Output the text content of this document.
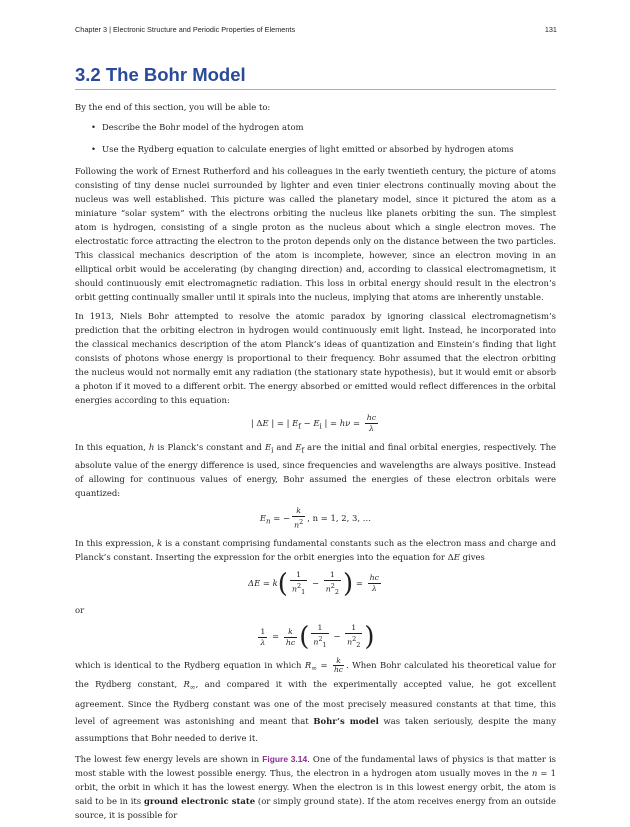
Chapter 3 | Electronic Structure and Periodic Properties of Elements	131
3.2 The Bohr Model

By the end of this section, you will be able to:

• Describe the Bohr model of the hydrogen atom
• Use the Rydberg equation to calculate energies of light emitted or absorbed by hydrogen atoms

Following the work of Ernest Rutherford and his colleagues in the early twentieth century, the picture of atoms consisting of tiny dense nuclei surrounded by lighter and even tinier electrons continually moving about the nucleus was well established. This picture was called the planetary model, since it pictured the atom as a miniature “solar system” with the electrons orbiting the nucleus like planets orbiting the sun. The simplest atom is hydrogen, consisting of a single proton as the nucleus about which a single electron moves. The electrostatic force attracting the electron to the proton depends only on the distance between the two particles. This classical mechanics description of the atom is incomplete, however, since an electron moving in an elliptical orbit would be accelerating (by changing direction) and, according to classical electromagnetism, it should continuously emit electromagnetic radiation. This loss in orbital energy should result in the electron’s orbit getting continually smaller until it spirals into the nucleus, implying that atoms are inherently unstable.

In 1913, Niels Bohr attempted to resolve the atomic paradox by ignoring classical electromagnetism’s prediction that the orbiting electron in hydrogen would continuously emit light. Instead, he incorporated into the classical mechanics description of the atom Planck’s ideas of quantization and Einstein’s finding that light consists of photons whose energy is proportional to their frequency. Bohr assumed that the electron orbiting the nucleus would not normally emit any radiation (the stationary state hypothesis), but it would emit or absorb a photon if it moved to a different orbit. The energy absorbed or emitted would reflect differences in the orbital energies according to this equation:

| ΔE | = | $E_f - E_i$ | = $h\nu = \frac{hc}{\lambda}$

In this equation, h is Planck’s constant and $E_i$ and $E_f$ are the initial and final orbital energies, respectively. The absolute value of the energy difference is used, since frequencies and wavelengths are always positive. Instead of allowing for continuous values of energy, Bohr assumed the energies of these electron orbitals were quantized:

$E_n$ = − $\frac{k}{n^2}$ , n = 1, 2, 3, …

In this expression, k is a constant comprising fundamental constants such as the electron mass and charge and Planck’s constant. Inserting the expression for the orbit energies into the equation for ΔE gives

$\Delta E = k( \frac{1}{n^2_1} - \frac{1}{n^2_2}$ ) = $\frac{hc}{\lambda}$

or

$\frac{1}{\lambda} = \frac{k}{hc}$ ( $\frac{1}{n^2_1} - \frac{1}{n^2_2}$ )

which is identical to the Rydberg equation in which $R_\infty = \frac{k}{hc}$ . When Bohr calculated his theoretical value for the Rydberg constant, $R_\infty$, and compared it with the experimentally accepted value, he got excellent agreement. Since the Rydberg constant was one of the most precisely measured constants at that time, this level of agreement was astonishing and meant that Bohr’s model was taken seriously, despite the many assumptions that Bohr needed to derive it.

The lowest few energy levels are shown in Figure 3.14. One of the fundamental laws of physics is that matter is most stable with the lowest possible energy. Thus, the electron in a hydrogen atom usually moves in the n = 1 orbit, the orbit in which it has the lowest energy. When the electron is in this lowest energy orbit, the atom is said to be in its ground electronic state (or simply ground state). If the atom receives energy from an outside source, it is possible for
